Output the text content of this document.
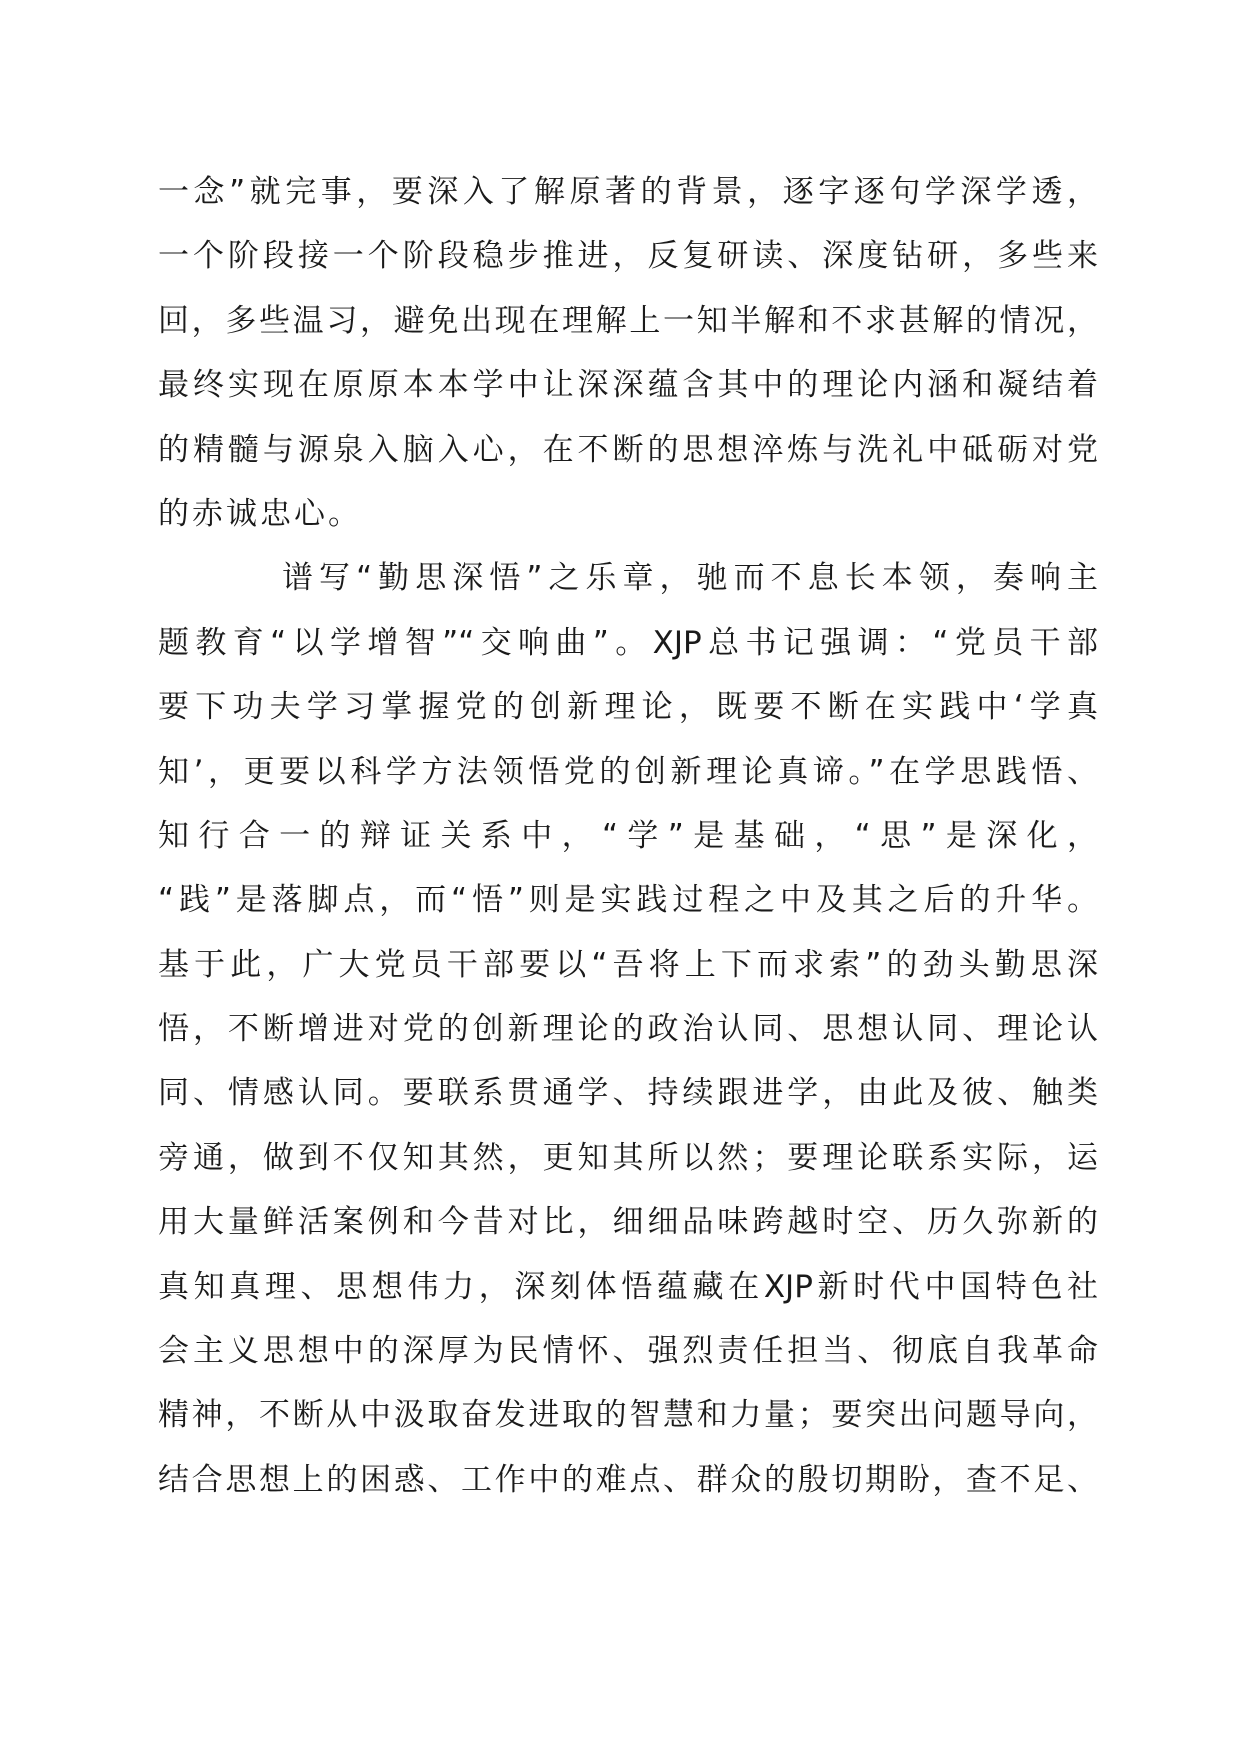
一念”就完事，要深入了解原著的背景，逐字逐句学深学透，
一个阶段接一个阶段稳步推进，反复研读、深度钻研，多些来
回，多些温习，避免出现在理解上一知半解和不求甚解的情况，
最终实现在原原本本学中让深深蕴含其中的理论内涵和凝结着
的精髓与源泉入脑入心，在不断的思想淬炼与洗礼中砥砺对党
的赤诚忠心。
谱写“勤思深悟”之乐章，驰而不息长本领，奏响主
题教育“以学增智”“交响曲”。XJP总书记强调：“党员干部
要下功夫学习掌握党的创新理论，既要不断在实践中‘学真
知’，更要以科学方法领悟党的创新理论真谛。”在学思践悟、
知行合一的辩证关系中，“学”是基础，“思”是深化，
“践”是落脚点，而“悟”则是实践过程之中及其之后的升华。
基于此，广大党员干部要以“吾将上下而求索”的劲头勤思深
悟，不断增进对党的创新理论的政治认同、思想认同、理论认
同、情感认同。要联系贯通学、持续跟进学，由此及彼、触类
旁通，做到不仅知其然，更知其所以然；要理论联系实际，运
用大量鲜活案例和今昔对比，细细品味跨越时空、历久弥新的
真知真理、思想伟力，深刻体悟蕴藏在XJP新时代中国特色社
会主义思想中的深厚为民情怀、强烈责任担当、彻底自我革命
精神，不断从中汲取奋发进取的智慧和力量；要突出问题导向，
结合思想上的困惑、工作中的难点、群众的殷切期盼，查不足、
